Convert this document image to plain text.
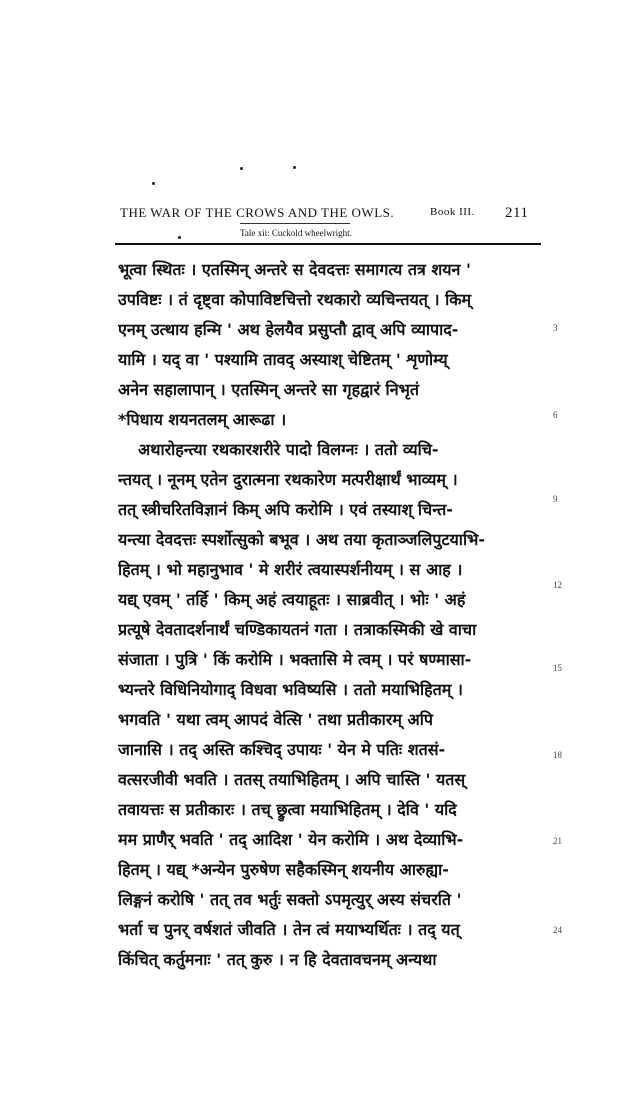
THE WAR OF THE CROWS AND THE OWLS.	Book III. 211
Tale xii: Cuckold wheelwright.
भूत्वा स्थितः । एतस्मिन् अन्तरे स देवदत्तः समागत्य तत्र शयन '
उपविष्टः । तं दृष्ट्वा कोपाविष्टचित्तो रथकारो व्यचिन्तयत् । किम्
एनम् उत्थाय हन्मि ' अथ हेलयैव प्रसुप्तौ द्वाव् अपि व्यापाद-
यामि । यद् वा ' पश्यामि तावद् अस्याश् चेष्टितम् ' शृणोम्य्
अनेन सहालापान् । एतस्मिन् अन्तरे सा गृहद्वारं निभृतं
*पिधाय शयनतलम् आरूढा ।
अथारोहन्त्या रथकारशरीरे पादो विलग्नः । ततो व्यचि-
न्तयत् । नूनम् एतेन दुरात्मना रथकारेण मत्परीक्षार्थं भाव्यम् ।
तत् स्त्रीचरितविज्ञानं किम् अपि करोमि । एवं तस्याश् चिन्त-
यन्त्या देवदत्तः स्पर्शोत्सुको बभूव । अथ तया कृताञ्जलिपुटयाभि-
हितम् । भो महानुभाव ' मे शरीरं त्वयास्पर्शनीयम् । स आह ।
यद्य् एवम् ' तर्हि ' किम् अहं त्वयाहूतः । साब्रवीत् । भोः ' अहं
प्रत्यूषे देवतादर्शनार्थं चण्डिकायतनं गता । तत्राकस्मिकी खे वाचा
संजाता । पुत्रि ' किं करोमि । भक्तासि मे त्वम् । परं षण्मासा-
भ्यन्तरे विधिनियोगाद् विधवा भविष्यसि । ततो मयाभिहितम् ।
भगवति ' यथा त्वम् आपदं वेत्सि ' तथा प्रतीकारम् अपि
जानासि । तद् अस्ति कश्चिद् उपायः ' येन मे पतिः शतसं-
वत्सरजीवी भवति । ततस् तयाभिहितम् । अपि चास्ति ' यतस्
तवायत्तः स प्रतीकारः । तच् छ्रुत्वा मयाभिहितम् । देवि ' यदि
मम प्राणैर् भवति ' तद् आदिश ' येन करोमि । अथ देव्याभि-
हितम् । यद्य् *अन्येन पुरुषेण सहैकस्मिन् शयनीय आरुह्या-
लिङ्गनं करोषि ' तत् तव भर्तुः सक्तो ऽपमृत्युर् अस्य संचरति '
भर्ता च पुनर् वर्षशतं जीवति । तेन त्वं मयाभ्यर्थितः । तद् यत्
किंचित् कर्तुमनाः ' तत् कुरु । न हि देवतावचनम् अन्यथा
3
6
9
12
15
18
21
24
